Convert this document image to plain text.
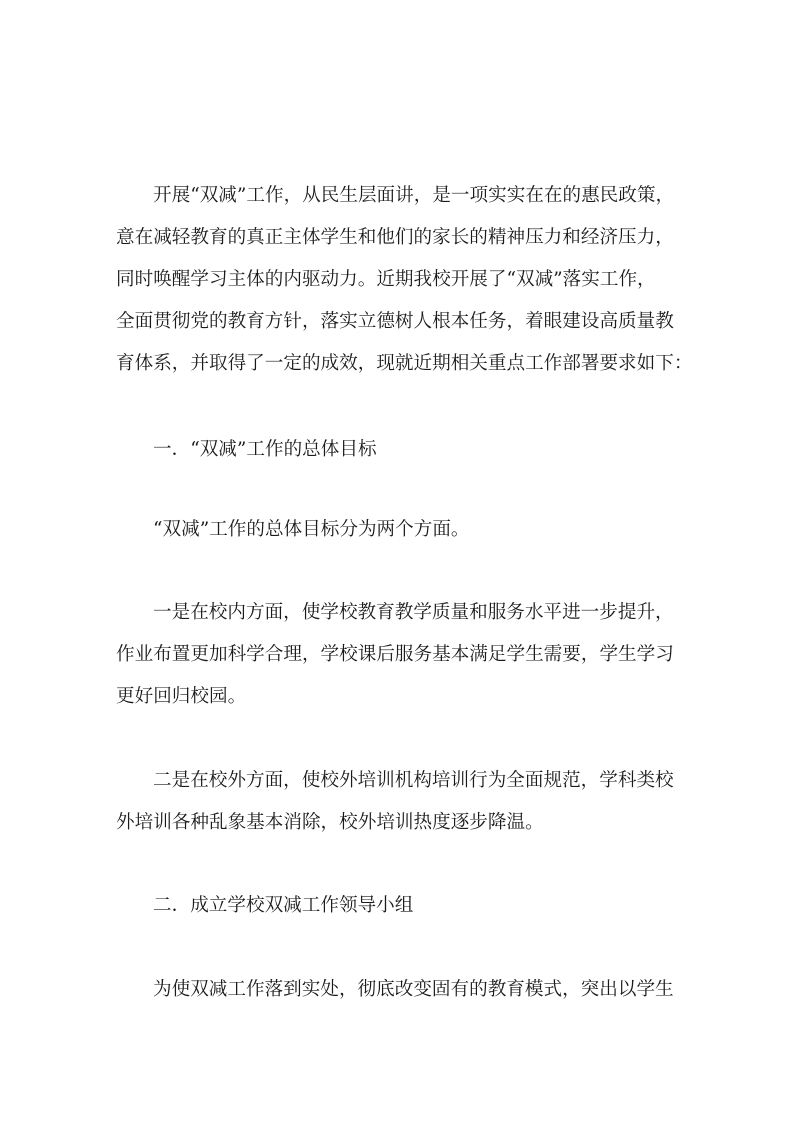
开展“双减”工作，从民生层面讲，是一项实实在在的惠民政策，
意在减轻教育的真正主体学生和他们的家长的精神压力和经济压力，
同时唤醒学习主体的内驱动力。近期我校开展了“双减”落实工作，
全面贯彻党的教育方针，落实立德树人根本任务，着眼建设高质量教
育体系，并取得了一定的成效，现就近期相关重点工作部署要求如下：
一．“双减”工作的总体目标
“双减”工作的总体目标分为两个方面。
一是在校内方面，使学校教育教学质量和服务水平进一步提升，
作业布置更加科学合理，学校课后服务基本满足学生需要，学生学习
更好回归校园。
二是在校外方面，使校外培训机构培训行为全面规范，学科类校
外培训各种乱象基本消除，校外培训热度逐步降温。
二．成立学校双减工作领导小组
为使双减工作落到实处，彻底改变固有的教育模式，突出以学生
